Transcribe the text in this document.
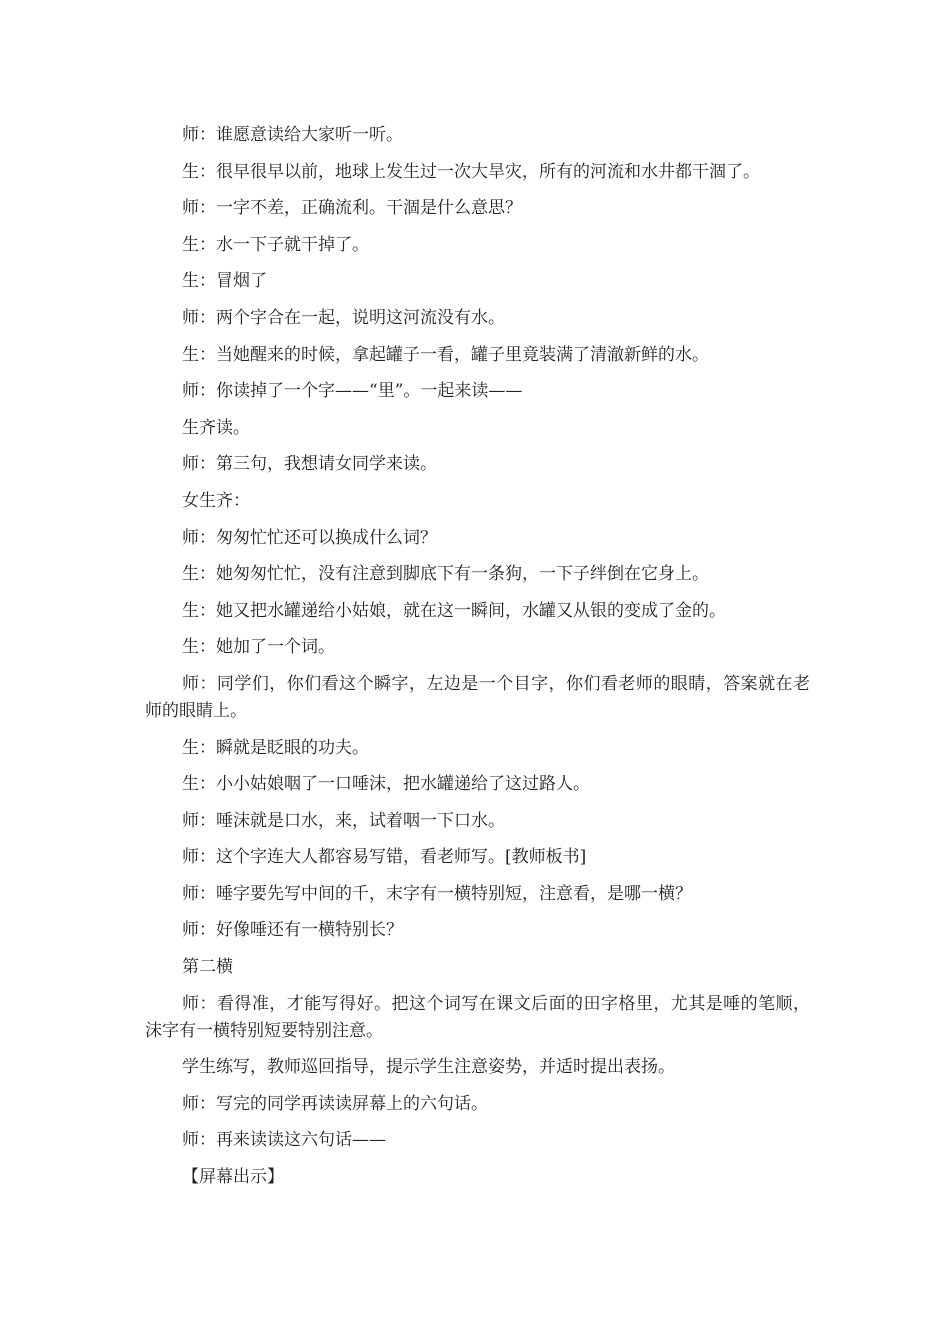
师：谁愿意读给大家听一听。

生：很早很早以前，地球上发生过一次大旱灾，所有的河流和水井都干涸了。

师：一字不差，正确流利。干涸是什么意思？

生：水一下子就干掉了。

生：冒烟了

师：两个字合在一起，说明这河流没有水。

生：当她醒来的时候，拿起罐子一看，罐子里竟装满了清澈新鲜的水。

师：你读掉了一个字——“里”。一起来读——

生齐读。

师：第三句，我想请女同学来读。

女生齐：

师：匆匆忙忙还可以换成什么词？

生：她匆匆忙忙，没有注意到脚底下有一条狗，一下子绊倒在它身上。

生：她又把水罐递给小姑娘，就在这一瞬间，水罐又从银的变成了金的。

生：她加了一个词。

师：同学们，你们看这个瞬字，左边是一个目字，你们看老师的眼睛，答案就在老师的眼睛上。

生：瞬就是眨眼的功夫。

生：小小姑娘咽了一口唾沫，把水罐递给了这过路人。

师：唾沫就是口水，来，试着咽一下口水。

师：这个字连大人都容易写错，看老师写。[教师板书]

师：唾字要先写中间的千，末字有一横特别短，注意看，是哪一横？

师：好像唾还有一横特别长？

第二横

师：看得准，才能写得好。把这个词写在课文后面的田字格里，尤其是唾的笔顺，沫字有一横特别短要特别注意。

学生练写，教师巡回指导，提示学生注意姿势，并适时提出表扬。

师：写完的同学再读读屏幕上的六句话。

师：再来读读这六句话——

【屏幕出示】
